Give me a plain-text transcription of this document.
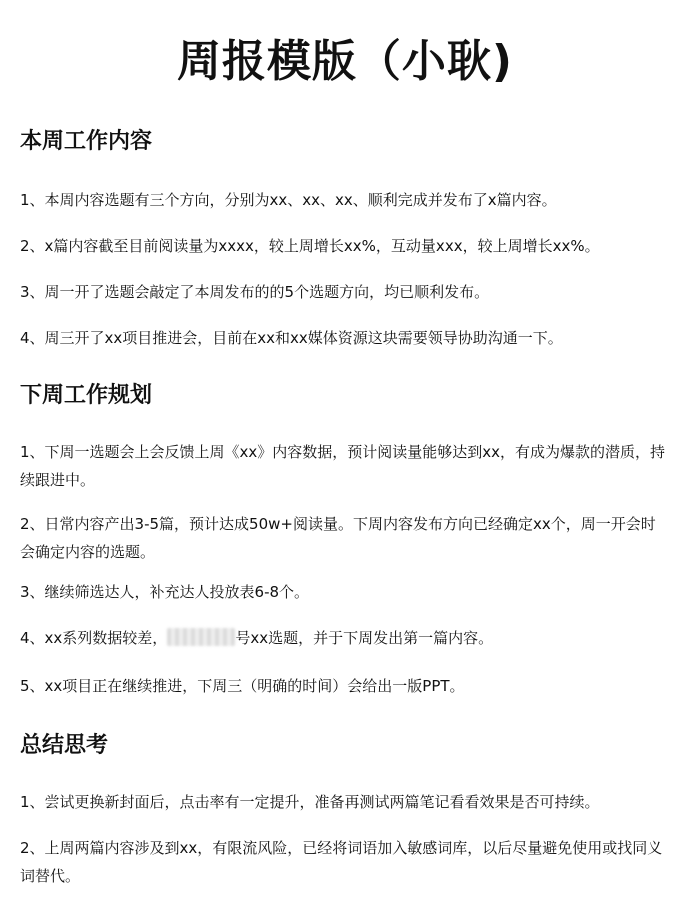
周报模版（小耿)
本周工作内容
1、本周内容选题有三个方向，分别为xx、xx、xx、顺利完成并发布了x篇内容。
2、x篇内容截至目前阅读量为xxxx，较上周增长xx%，互动量xxx，较上周增长xx%。
3、周一开了选题会敲定了本周发布的的5个选题方向，均已顺利发布。
4、周三开了xx项目推进会，目前在xx和xx媒体资源这块需要领导协助沟通一下。
下周工作规划
1、下周一选题会上会反馈上周《xx》内容数据，预计阅读量能够达到xx，有成为爆款的潜质，持续跟进中。
2、日常内容产出3-5篇，预计达成50w+阅读量。下周内容发布方向已经确定xx个，周一开会时会确定内容的选题。
3、继续筛选达人，补充达人投放表6-8个。
4、xx系列数据较差，	号xx选题，并于下周发出第一篇内容。
5、xx项目正在继续推进，下周三（明确的时间）会给出一版PPT。
总结思考
1、尝试更换新封面后，点击率有一定提升，准备再测试两篇笔记看看效果是否可持续。
2、上周两篇内容涉及到xx，有限流风险，已经将词语加入敏感词库，以后尽量避免使用或找同义词替代。
